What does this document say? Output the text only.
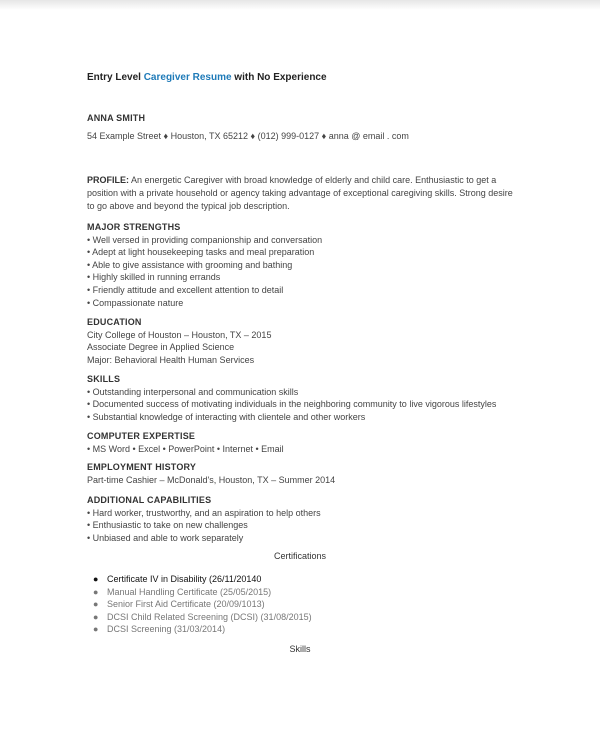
Entry Level Caregiver Resume with No Experience
ANNA SMITH
54 Example Street ♦ Houston, TX 65212 ♦ (012) 999-0127 ♦ anna @ email . com
PROFILE: An energetic Caregiver with broad knowledge of elderly and child care. Enthusiastic to get a position with a private household or agency taking advantage of exceptional caregiving skills. Strong desire to go above and beyond the typical job description.
MAJOR STRENGTHS
• Well versed in providing companionship and conversation
• Adept at light housekeeping tasks and meal preparation
• Able to give assistance with grooming and bathing
• Highly skilled in running errands
• Friendly attitude and excellent attention to detail
• Compassionate nature
EDUCATION
City College of Houston – Houston, TX – 2015
Associate Degree in Applied Science
Major: Behavioral Health Human Services
SKILLS
• Outstanding interpersonal and communication skills
• Documented success of motivating individuals in the neighboring community to live vigorous lifestyles
• Substantial knowledge of interacting with clientele and other workers
COMPUTER EXPERTISE
• MS Word • Excel • PowerPoint • Internet • Email
EMPLOYMENT HISTORY
Part-time Cashier – McDonald's, Houston, TX – Summer 2014
ADDITIONAL CAPABILITIES
• Hard worker, trustworthy, and an aspiration to help others
• Enthusiastic to take on new challenges
• Unbiased and able to work separately
Certifications
● Certificate IV in Disability (26/11/20140
● Manual Handling Certificate (25/05/2015)
● Senior First Aid Certificate (20/09/1013)
● DCSI Child Related Screening (DCSI) (31/08/2015)
● DCSI Screening (31/03/2014)
Skills
